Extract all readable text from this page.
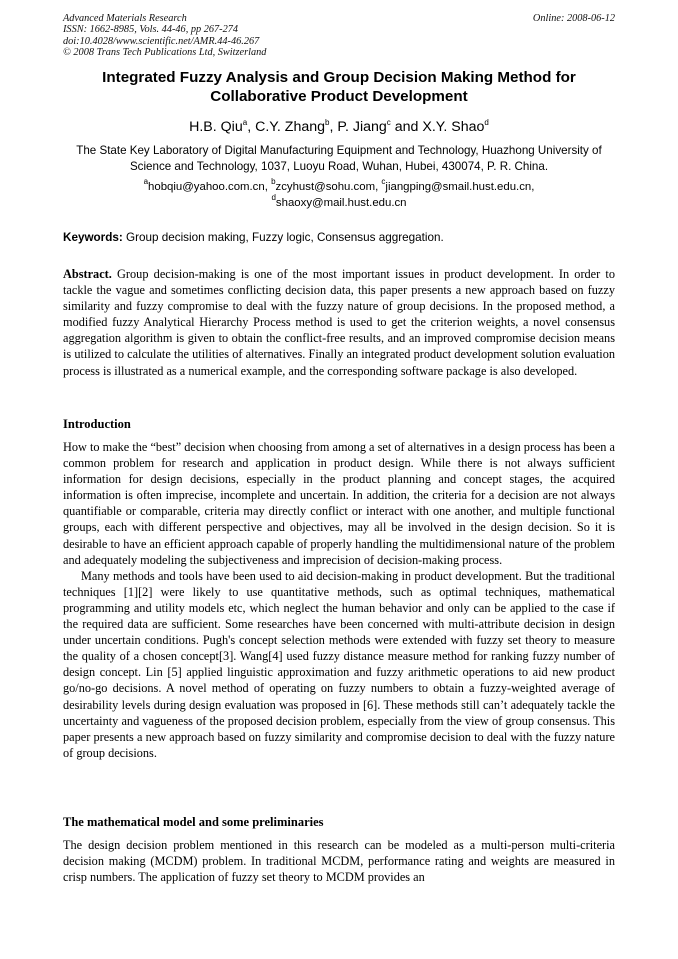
Advanced Materials Research
ISSN: 1662-8985, Vols. 44-46, pp 267-274
doi:10.4028/www.scientific.net/AMR.44-46.267
© 2008 Trans Tech Publications Ltd, Switzerland
Online: 2008-06-12
Integrated Fuzzy Analysis and Group Decision Making Method for Collaborative Product Development
H.B. Qiu$^a$, C.Y. Zhang$^b$, P. Jiang$^c$ and X.Y. Shao$^d$
The State Key Laboratory of Digital Manufacturing Equipment and Technology, Huazhong University of Science and Technology, 1037, Luoyu Road, Wuhan, Hubei, 430074, P. R. China.
$^a$hobqiu@yahoo.com.cn, $^b$zcyhust@sohu.com, $^c$jiangping@smail.hust.edu.cn,
$^d$shaoxy@mail.hust.edu.cn
Keywords: Group decision making, Fuzzy logic, Consensus aggregation.
Abstract. Group decision-making is one of the most important issues in product development. In order to tackle the vague and sometimes conflicting decision data, this paper presents a new approach based on fuzzy similarity and fuzzy compromise to deal with the fuzzy nature of group decisions. In the proposed method, a modified fuzzy Analytical Hierarchy Process method is used to get the criterion weights, a novel consensus aggregation algorithm is given to obtain the conflict-free results, and an improved compromise decision means is utilized to calculate the utilities of alternatives. Finally an integrated product development solution evaluation process is illustrated as a numerical example, and the corresponding software package is also developed.
Introduction

How to make the “best” decision when choosing from among a set of alternatives in a design process has been a common problem for research and application in product design. While there is not always sufficient information for design decisions, especially in the product planning and concept stages, the acquired information is often imprecise, incomplete and uncertain. In addition, the criteria for a decision are not always quantifiable or comparable, criteria may directly conflict or interact with one another, and multiple functional groups, each with different perspective and objectives, may all be involved in the design decision. So it is desirable to have an efficient approach capable of properly handling the multidimensional nature of the problem and adequately modeling the subjectiveness and imprecision of decision-making process.

Many methods and tools have been used to aid decision-making in product development. But the traditional techniques [1][2] were likely to use quantitative methods, such as optimal techniques, mathematical programming and utility models etc, which neglect the human behavior and only can be applied to the case if the required data are sufficient. Some researches have been concerned with multi-attribute decision in design under uncertain conditions. Pugh's concept selection methods were extended with fuzzy set theory to measure the quality of a chosen concept[3]. Wang[4] used fuzzy distance measure method for ranking fuzzy number of design concept. Lin [5] applied linguistic approximation and fuzzy arithmetic operations to aid new product go/no-go decisions. A novel method of operating on fuzzy numbers to obtain a fuzzy-weighted average of desirability levels during design evaluation was proposed in [6]. These methods still can’t adequately tackle the uncertainty and vagueness of the proposed decision problem, especially from the view of group consensus. This paper presents a new approach based on fuzzy similarity and compromise decision to deal with the fuzzy nature of group decisions.

The mathematical model and some preliminaries

The design decision problem mentioned in this research can be modeled as a multi-person multi-criteria decision making (MCDM) problem. In traditional MCDM, performance rating and weights are measured in crisp numbers. The application of fuzzy set theory to MCDM provides an
